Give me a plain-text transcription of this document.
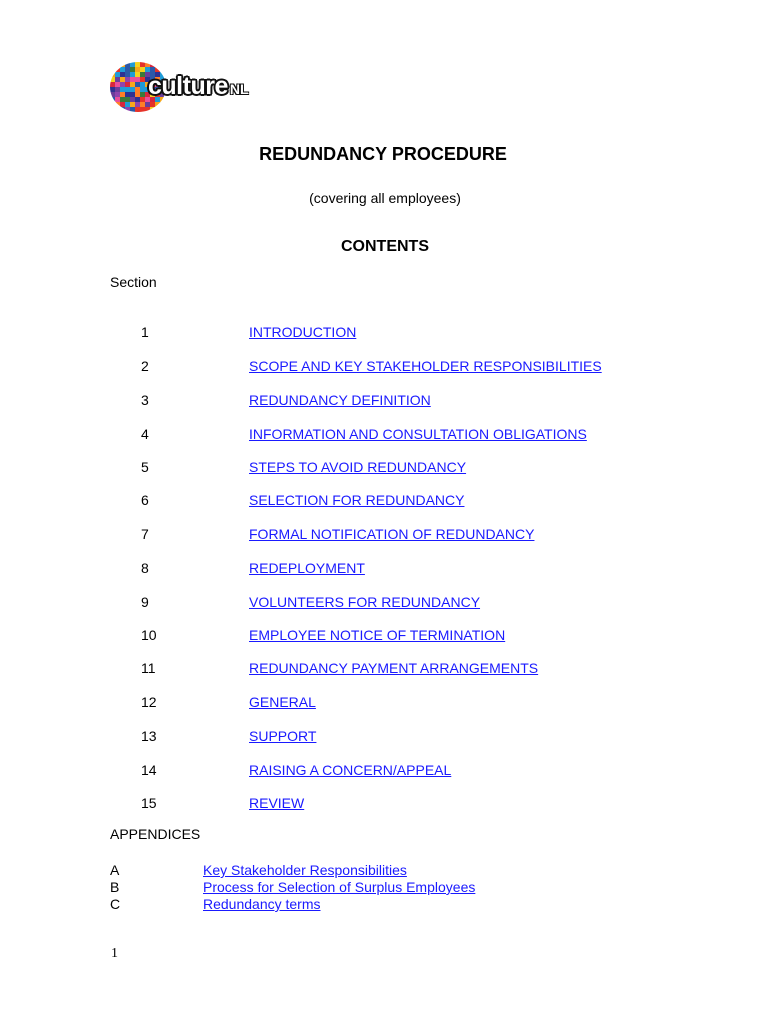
culture NL
REDUNDANCY PROCEDURE
(covering all employees)
CONTENTS
Section
1	INTRODUCTION
2	SCOPE AND KEY STAKEHOLDER RESPONSIBILITIES
3	REDUNDANCY DEFINITION
4	INFORMATION AND CONSULTATION OBLIGATIONS
5	STEPS TO AVOID REDUNDANCY
6	SELECTION FOR REDUNDANCY
7	FORMAL NOTIFICATION OF REDUNDANCY
8	REDEPLOYMENT
9	VOLUNTEERS FOR REDUNDANCY
10	EMPLOYEE NOTICE OF TERMINATION
11	REDUNDANCY PAYMENT ARRANGEMENTS
12	GENERAL
13	SUPPORT
14	RAISING A CONCERN/APPEAL
15	REVIEW
APPENDICES
A	Key Stakeholder Responsibilities
B	Process for Selection of Surplus Employees
C	Redundancy terms
1
